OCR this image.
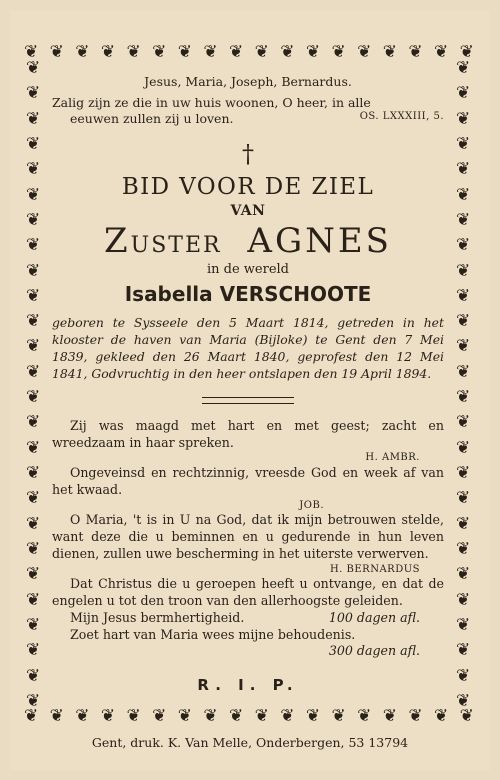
❦ ❦ ❦ ❦ ❦ ❦ ❦ ❦ ❦ ❦ ❦ ❦ ❦ ❦ ❦ ❦ ❦ ❦
❦ ❦ ❦ ❦ ❦ ❦ ❦ ❦ ❦ ❦ ❦ ❦ ❦ ❦ ❦ ❦ ❦ ❦
❦
❦
❦
❦
❦
❦
❦
❦
❦
❦
❦
❦
❦
❦
❦
❦
❦
❦
❦
❦
❦
❦
❦
❦
❦
❦
❦
❦
❦
❦
❦
❦
❦
❦
❦
❦
❦
❦
❦
❦
❦
❦
❦
❦
❦
❦
❦
❦
❦
❦
❦
❦
Jesus, Maria, Joseph, Bernardus.
Zalig zijn ze die in uw huis woonen, O heer, in alle
eeuwen zullen zij u loven.	OS. LXXXIII, 5.
†
BID VOOR DE ZIEL
VAN
ZUSTER AGNES
in de wereld
Isabella VERSCHOOTE
geboren te Sysseele den 5 Maart 1814, getreden in het klooster de haven van Maria (Bijloke) te Gent den 7 Mei 1839, gekleed den 26 Maart 1840, geprofest den 12 Mei 1841, Godvruchtig in den heer ontslapen den 19 April 1894.

Zij was maagd met hart en met geest; zacht en wreedzaam in haar spreken.

H. AMBR.

Ongeveinsd en rechtzinnig, vreesde God en week af van het kwaad.

JOB.

O Maria, 't is in U na God, dat ik mijn betrouwen stelde, want deze die u beminnen en u gedurende in hun leven dienen, zullen uwe bescherming in het uiterste verwerven.

H. BERNARDUS

Dat Christus die u geroepen heeft u ontvange, en dat de engelen u tot den troon van den allerhoogste geleiden.

Mijn Jesus bermhertigheid.	100 dagen afl.

Zoet hart van Maria wees mijne behoudenis.

300 dagen afl.
R. I. P.
Gent, druk. K. Van Melle, Onderbergen, 53 13794
